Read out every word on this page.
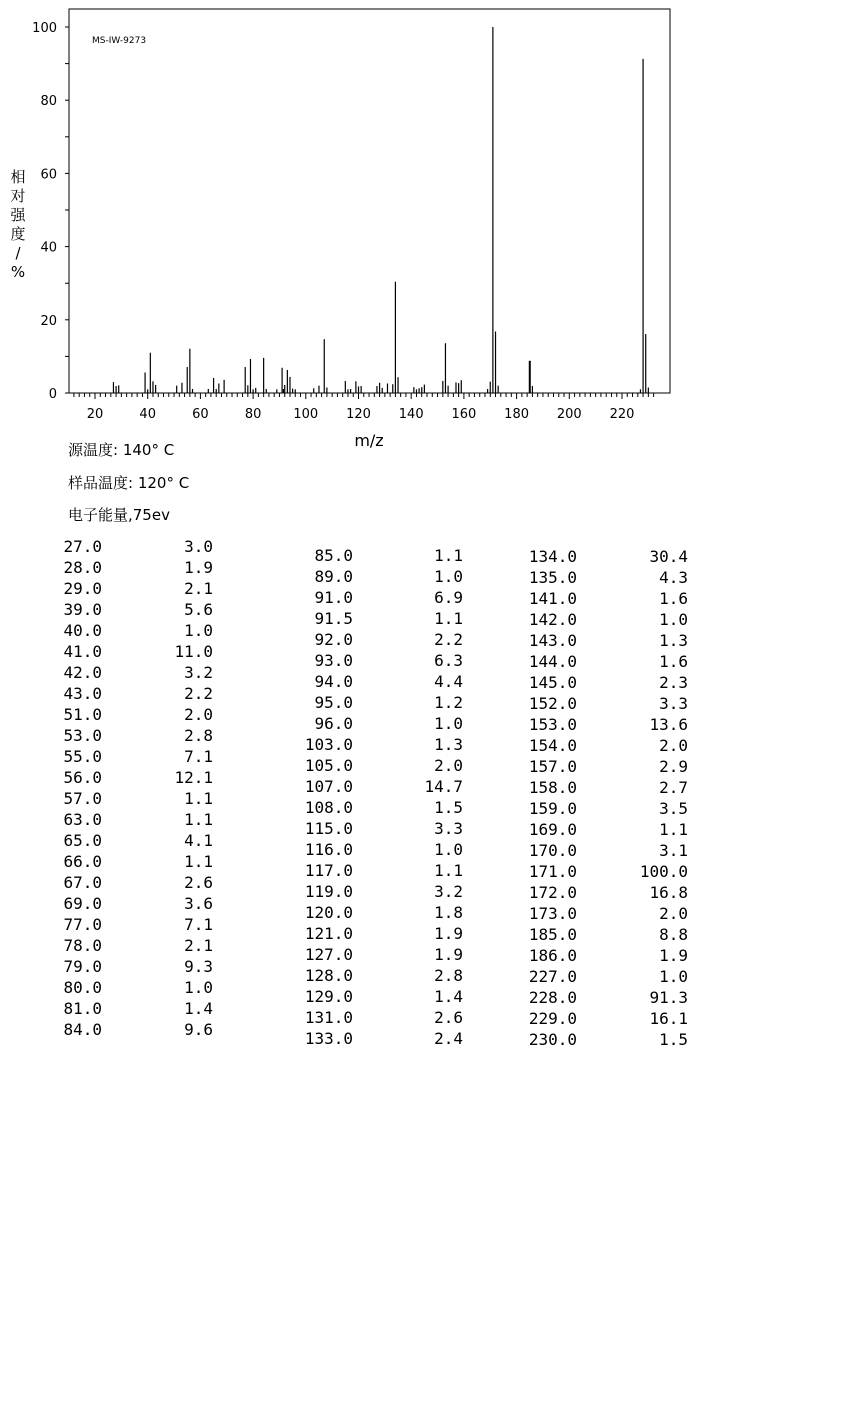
MS-IW-9273
相
对
强
度
/
%
m/z
0
20
40
60
80
100
20	40	60	80 100 120 140 160 180 200 220
源温度: 140° C
样品温度: 120° C
电子能量,75ev
27.0	3.0
28.0	1.9
29.0	2.1
39.0	5.6
40.0	1.0
41.0	11.0
42.0	3.2
43.0	2.2
51.0	2.0
53.0	2.8
55.0	7.1
56.0	12.1
57.0	1.1
63.0	1.1
65.0	4.1
66.0	1.1
67.0	2.6
69.0	3.6
77.0	7.1
78.0	2.1
79.0	9.3
80.0	1.0
81.0	1.4
84.0	9.6
85.0	1.1
89.0	1.0
91.0	6.9
91.5	1.1
92.0	2.2
93.0	6.3
94.0	4.4
95.0	1.2
96.0	1.0
103.0	1.3
105.0	2.0
107.0	14.7
108.0	1.5
115.0	3.3
116.0	1.0
117.0	1.1
119.0	3.2
120.0	1.8
121.0	1.9
127.0	1.9
128.0	2.8
129.0	1.4
131.0	2.6
133.0	2.4
134.0	30.4
135.0	4.3
141.0	1.6
142.0	1.0
143.0	1.3
144.0	1.6
145.0	2.3
152.0	3.3
153.0	13.6
154.0	2.0
157.0	2.9
158.0	2.7
159.0	3.5
169.0	1.1
170.0	3.1
171.0	100.0
172.0	16.8
173.0	2.0
185.0	8.8
186.0	1.9
227.0	1.0
228.0	91.3
229.0	16.1
230.0	1.5
